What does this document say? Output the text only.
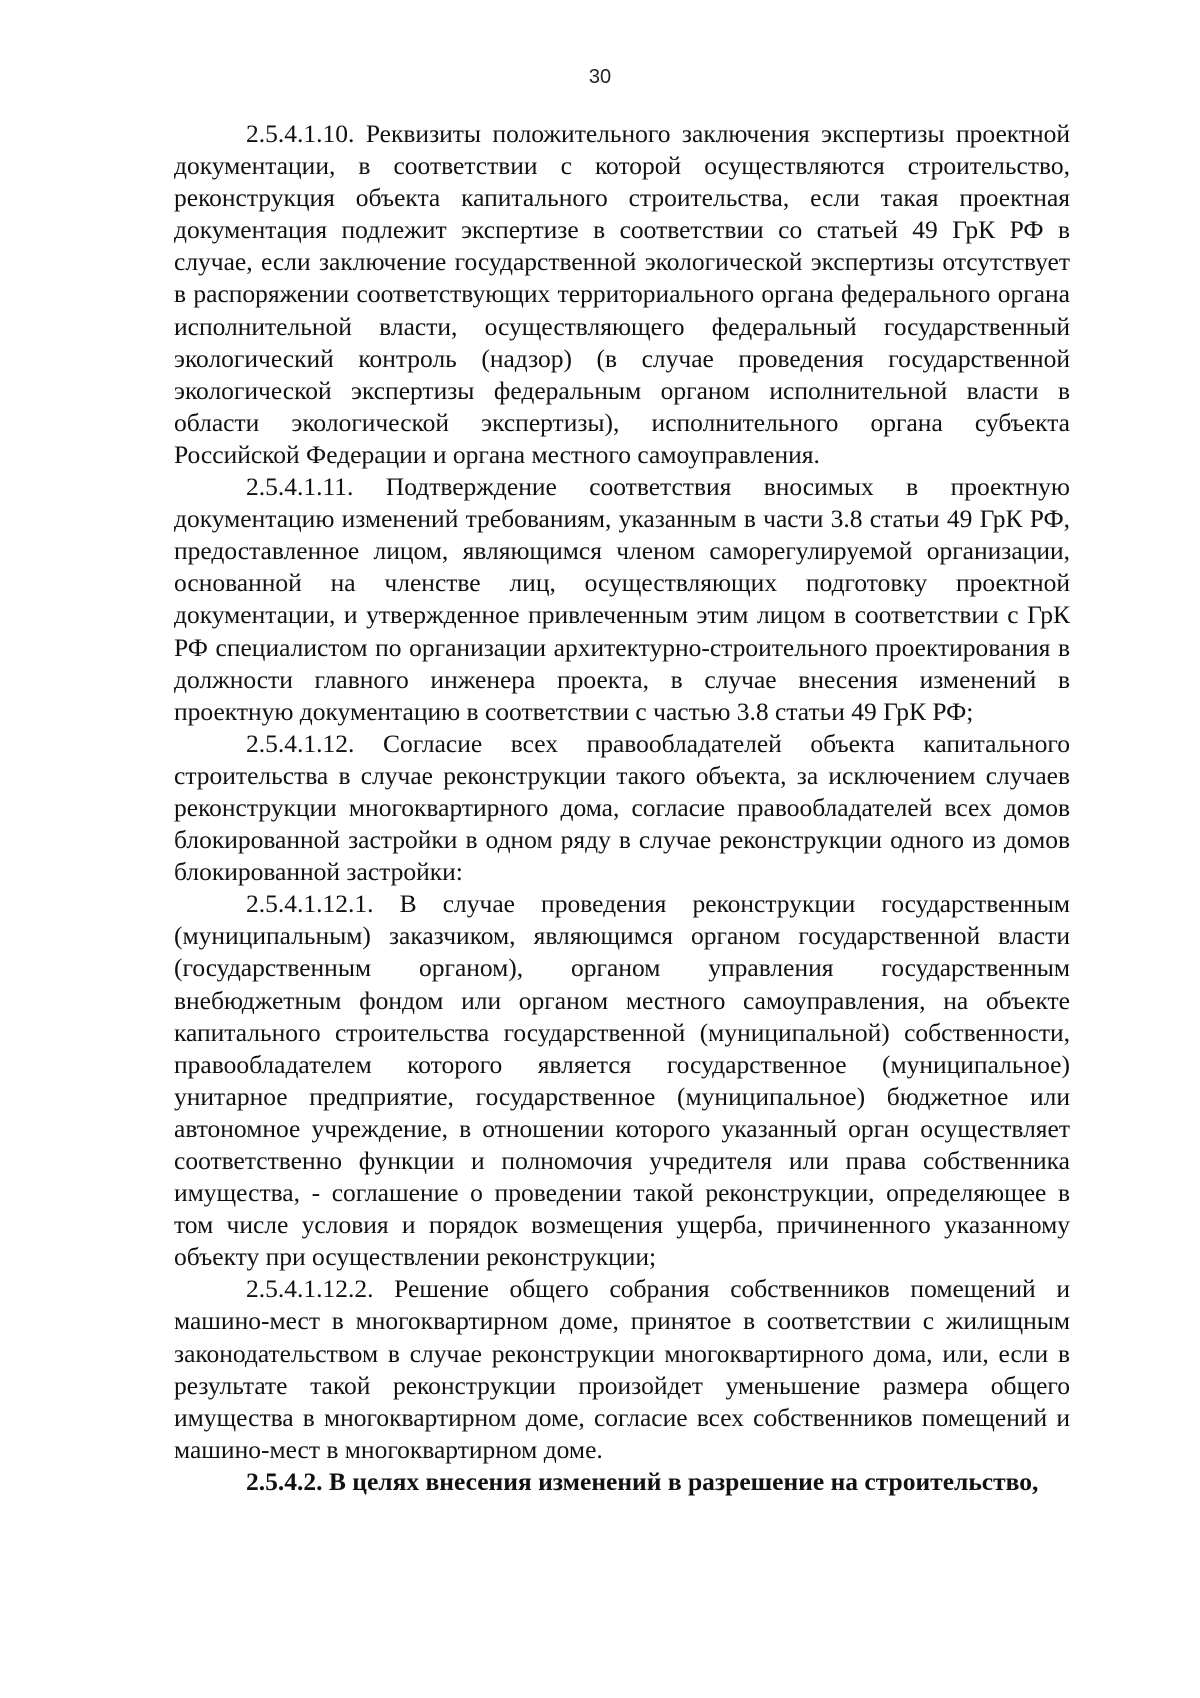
30

2.5.4.1.10. Реквизиты положительного заключения экспертизы проектной документации, в соответствии с которой осуществляются строительство, реконструкция объекта капитального строительства, если такая проектная документация подлежит экспертизе в соответствии со статьей 49 ГрК РФ в случае, если заключение государственной экологической экспертизы отсутствует в распоряжении соответствующих территориального органа федерального органа исполнительной власти, осуществляющего федеральный государственный экологический контроль (надзор) (в случае проведения государственной экологической экспертизы федеральным органом исполнительной власти в области экологической экспертизы), исполнительного органа субъекта Российской Федерации и органа местного самоуправления.

2.5.4.1.11. Подтверждение соответствия вносимых в проектную документацию изменений требованиям, указанным в части 3.8 статьи 49 ГрК РФ, предоставленное лицом, являющимся членом саморегулируемой организации, основанной на членстве лиц, осуществляющих подготовку проектной документации, и утвержденное привлеченным этим лицом в соответствии с ГрК РФ специалистом по организации архитектурно-строительного проектирования в должности главного инженера проекта, в случае внесения изменений в проектную документацию в соответствии с частью 3.8 статьи 49 ГрК РФ;

2.5.4.1.12. Согласие всех правообладателей объекта капитального строительства в случае реконструкции такого объекта, за исключением случаев реконструкции многоквартирного дома, согласие правообладателей всех домов блокированной застройки в одном ряду в случае реконструкции одного из домов блокированной застройки:

2.5.4.1.12.1. В случае проведения реконструкции государственным (муниципальным) заказчиком, являющимся органом государственной власти (государственным органом), органом управления государственным внебюджетным фондом или органом местного самоуправления, на объекте капитального строительства государственной (муниципальной) собственности, правообладателем которого является государственное (муниципальное) унитарное предприятие, государственное (муниципальное) бюджетное или автономное учреждение, в отношении которого указанный орган осуществляет соответственно функции и полномочия учредителя или права собственника имущества, - соглашение о проведении такой реконструкции, определяющее в том числе условия и порядок возмещения ущерба, причиненного указанному объекту при осуществлении реконструкции;

2.5.4.1.12.2. Решение общего собрания собственников помещений и машино-мест в многоквартирном доме, принятое в соответствии с жилищным законодательством в случае реконструкции многоквартирного дома, или, если в результате такой реконструкции произойдет уменьшение размера общего имущества в многоквартирном доме, согласие всех собственников помещений и машино-мест в многоквартирном доме.

2.5.4.2. В целях внесения изменений в разрешение на строительство,
